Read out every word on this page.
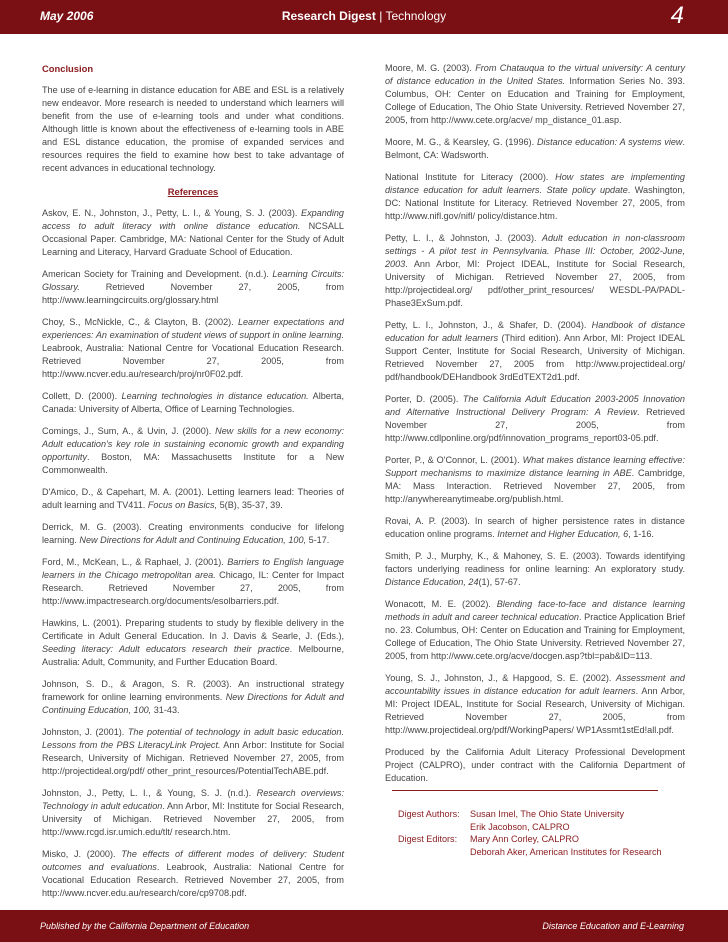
May 2006	Research Digest | Technology	4
Conclusion

The use of e-learning in distance education for ABE and ESL is a relatively new endeavor. More research is needed to understand which learners will benefit from the use of e-learning tools and under what conditions. Although little is known about the effectiveness of e-learning tools in ABE and ESL distance education, the promise of expanded services and resources requires the field to examine how best to take advantage of recent advances in educational technology.

References

Askov, E. N., Johnston, J., Petty, L. I., & Young, S. J. (2003). Expanding access to adult literacy with online distance education. NCSALL Occasional Paper. Cambridge, MA: National Center for the Study of Adult Learning and Literacy, Harvard Graduate School of Education.

American Society for Training and Development. (n.d.). Learning Circuits: Glossary. Retrieved November 27, 2005, from http://www.learningcircuits.org/glossary.html

Choy, S., McNickle, C., & Clayton, B. (2002). Learner expectations and experiences: An examination of student views of support in online learning. Leabrook, Australia: National Centre for Vocational Education Research. Retrieved November 27, 2005, from http://www.ncver.edu.au/research/proj/nr0F02.pdf.

Collett, D. (2000). Learning technologies in distance education. Alberta, Canada: University of Alberta, Office of Learning Technologies.

Comings, J., Sum, A., & Uvin, J. (2000). New skills for a new economy: Adult education's key role in sustaining economic growth and expanding opportunity. Boston, MA: Massachusetts Institute for a New Commonwealth.

D'Amico, D., & Capehart, M. A. (2001). Letting learners lead: Theories of adult learning and TV411. Focus on Basics, 5(B), 35-37, 39.

Derrick, M. G. (2003). Creating environments conducive for lifelong learning. New Directions for Adult and Continuing Education, 100, 5-17.

Ford, M., McKean, L., & Raphael, J. (2001). Barriers to English language learners in the Chicago metropolitan area. Chicago, IL: Center for Impact Research. Retrieved November 27, 2005, from http://www.impactresearch.org/documents/esolbarriers.pdf.

Hawkins, L. (2001). Preparing students to study by flexible delivery in the Certificate in Adult General Education. In J. Davis & Searle, J. (Eds.), Seeding literacy: Adult educators research their practice. Melbourne, Australia: Adult, Community, and Further Education Board.

Johnson, S. D., & Aragon, S. R. (2003). An instructional strategy framework for online learning environments. New Directions for Adult and Continuing Education, 100, 31-43.

Johnston, J. (2001). The potential of technology in adult basic education. Lessons from the PBS LiteracyLink Project. Ann Arbor: Institute for Social Research, University of Michigan. Retrieved November 27, 2005, from http://projectideal.org/pdf/ other_print_resources/PotentialTechABE.pdf.

Johnston, J., Petty, L. I., & Young, S. J. (n.d.). Research overviews: Technology in adult education. Ann Arbor, MI: Institute for Social Research, University of Michigan. Retrieved November 27, 2005, from http://www.rcgd.isr.umich.edu/tlt/ research.htm.

Misko, J. (2000). The effects of different modes of delivery: Student outcomes and evaluations. Leabrook, Australia: National Centre for Vocational Education Research. Retrieved November 27, 2005, from http://www.ncver.edu.au/research/core/cp9708.pdf.

Moore, M. G. (2003). From Chatauqua to the virtual university: A century of distance education in the United States. Information Series No. 393. Columbus, OH: Center on Education and Training for Employment, College of Education, The Ohio State University. Retrieved November 27, 2005, from http://www.cete.org/acve/ mp_distance_01.asp.

Moore, M. G., & Kearsley, G. (1996). Distance education: A systems view. Belmont, CA: Wadsworth.

National Institute for Literacy (2000). How states are implementing distance education for adult learners. State policy update. Washington, DC: National Institute for Literacy. Retrieved November 27, 2005, from http://www.nifl.gov/nifl/ policy/distance.htm.

Petty, L. I., & Johnston, J. (2003). Adult education in non-classroom settings - A pilot test in Pennsylvania. Phase III: October, 2002-June, 2003. Ann Arbor, MI: Project IDEAL, Institute for Social Research, University of Michigan. Retrieved November 27, 2005, from http://projectideal.org/ pdf/other_print_resources/ WESDL-PA/PADL-Phase3ExSum.pdf.

Petty, L. I., Johnston, J., & Shafer, D. (2004). Handbook of distance education for adult learners (Third edition). Ann Arbor, MI: Project IDEAL Support Center, Institute for Social Research, University of Michigan. Retrieved November 27, 2005 from http://www.projectideal.org/ pdf/handbook/DEHandbook 3rdEdTEXT2d1.pdf.

Porter, D. (2005). The California Adult Education 2003-2005 Innovation and Alternative Instructional Delivery Program: A Review. Retrieved November 27, 2005, from http://www.cdlponline.org/pdf/innovation_programs_report03-05.pdf.

Porter, P., & O'Connor, L. (2001). What makes distance learning effective: Support mechanisms to maximize distance learning in ABE. Cambridge, MA: Mass Interaction. Retrieved November 27, 2005, from http://anywhereanytimeabe.org/publish.html.

Rovai, A. P. (2003). In search of higher persistence rates in distance education online programs. Internet and Higher Education, 6, 1-16.

Smith, P. J., Murphy, K., & Mahoney, S. E. (2003). Towards identifying factors underlying readiness for online learning: An exploratory study. Distance Education, 24(1), 57-67.

Wonacott, M. E. (2002). Blending face-to-face and distance learning methods in adult and career technical education. Practice Application Brief no. 23. Columbus, OH: Center on Education and Training for Employment, College of Education, The Ohio State University. Retrieved November 27, 2005, from http://www.cete.org/acve/docgen.asp?tbl=pab&ID=113.

Young, S. J., Johnston, J., & Hapgood, S. E. (2002). Assessment and accountability issues in distance education for adult learners. Ann Arbor, MI: Project IDEAL, Institute for Social Research, University of Michigan. Retrieved November 27, 2005, from http://www.projectideal.org/pdf/WorkingPapers/ WP1Assmt1stEd!all.pdf.

Produced by the California Adult Literacy Professional Development Project (CALPRO), under contract with the California Department of Education.

Digest Authors:	Susan Imel, The Ohio State University
Erik Jacobson, CALPRO
Digest Editors:	Mary Ann Corley, CALPRO
Deborah Aker, American Institutes for Research
Published by the California Department of Education	Distance Education and E-Learning
